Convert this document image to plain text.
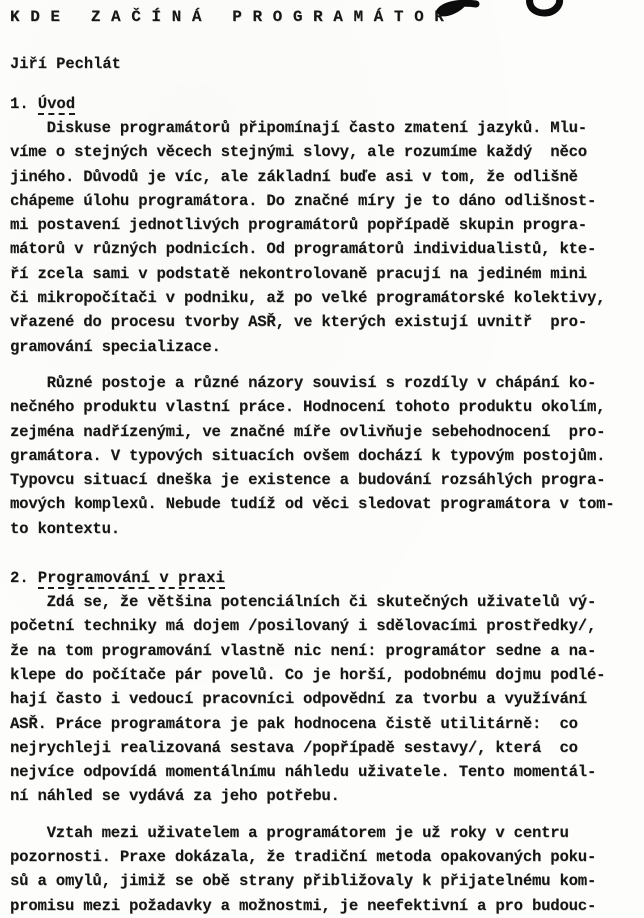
K D E   Z A Č Í N Á   P R O G R A M Á T O R
Jiří Pechlát
1. Úvod
Diskuse programátorů připomínají často zmatení jazyků. Mlu-
víme o stejných věcech stejnými slovy, ale rozumíme každý  něco
jiného. Důvodů je víc, ale základní buďe asi v tom, že odlišně
chápeme úlohu programátora. Do značné míry je to dáno odlišnost-
mi postavení jednotlivých programátorů popřípadě skupin progra-
mátorů v různých podnicích. Od programátorů individualistů, kte-
ří zcela sami v podstatě nekontrolovaně pracují na jediném mini
či mikropočítači v podniku, až po velké programátorské kolektivy,
vřazené do procesu tvorby ASŘ, ve kterých existují uvnitř  pro-
gramování specializace.
Různé postoje a různé názory souvisí s rozdíly v chápání ko-
nečného produktu vlastní práce. Hodnocení tohoto produktu okolím,
zejména nadřízenými, ve značné míře ovlivňuje sebehodnocení  pro-
gramátora. V typových situacích ovšem dochází k typovým postojům.
Typovcu situací dneška je existence a budování rozsáhlých progra-
mových komplexů. Nebude tudíž od věci sledovat programátora v tom-
to kontextu.
2. Programování v praxi
Zdá se, že většina potenciálních či skutečných uživatelů vý-
početní techniky má dojem /posilovaný i sdělovacími prostředky/,
že na tom programování vlastně nic není: programátor sedne a na-
klepe do počítače pár povelů. Co je horší, podobnému dojmu podlé-
hají často i vedoucí pracovníci odpovědní za tvorbu a využívání
ASŘ. Práce programátora je pak hodnocena čistě utilitárně:  co
nejrychleji realizovaná sestava /popřípadě sestavy/, která  co
nejvíce odpovídá momentálnímu náhledu uživatele. Tento momentál-
ní náhled se vydává za jeho potřebu.
Vztah mezi uživatelem a programátorem je už roky v centru
pozornosti. Praxe dokázala, že tradiční metoda opakovaných poku-
sů a omylů, jimiž se obě strany přibližovaly k přijatelnému kom-
promisu mezi požadavky a možnostmi, je neefektivní a pro budouc-
